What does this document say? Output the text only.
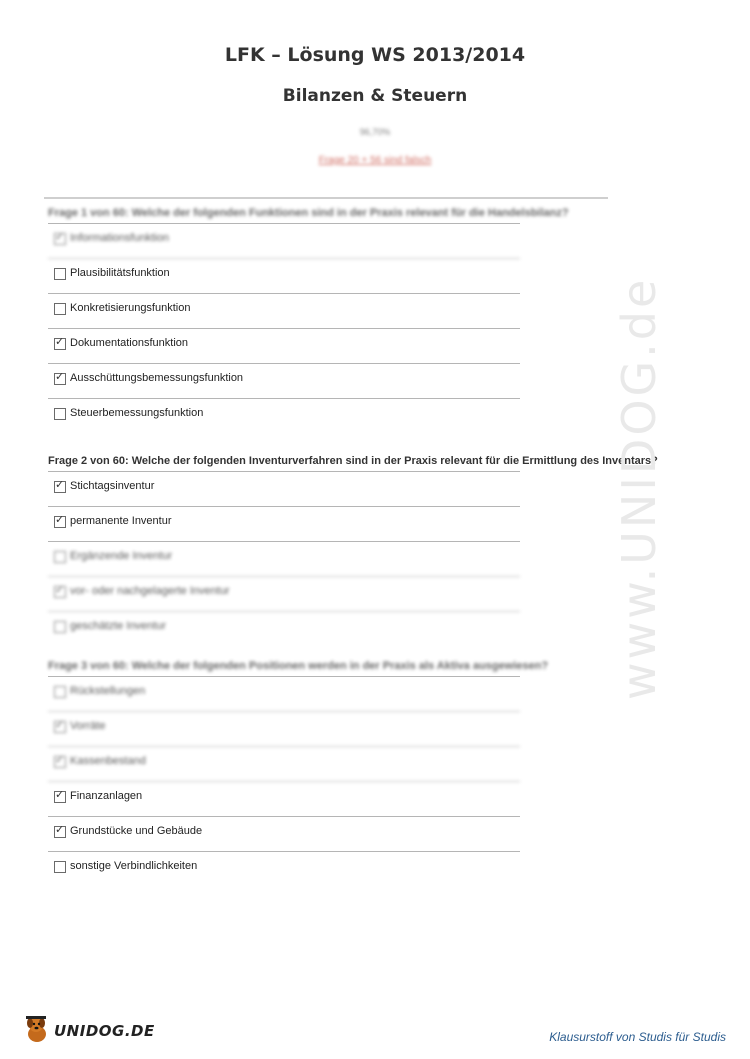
LFK – Lösung WS 2013/2014
Bilanzen & Steuern
96,70%
Frage 20 + 56 sind falsch
Frage 1 von 60: Welche der folgenden Funktionen sind in der Praxis relevant für die Handelsbilanz?
✓ Informationsfunktion
Plausibilitätsfunktion
Konkretisierungsfunktion
✓ Dokumentationsfunktion
✓ Ausschüttungsbemessungsfunktion
Steuerbemessungsfunktion
Frage 2 von 60: Welche der folgenden Inventurverfahren sind in der Praxis relevant für die Ermittlung des Inventars?
✓ Stichtagsinventur
✓ permanente Inventur
Ergänzende Inventur
✓ vor- oder nachgelagerte Inventur
geschätzte Inventur
Frage 3 von 60: Welche der folgenden Positionen werden in der Praxis als Aktiva ausgewiesen?
Rückstellungen
✓ Vorräte
✓ Kassenbestand
✓ Finanzanlagen
✓ Grundstücke und Gebäude
sonstige Verbindlichkeiten
www.UNIDOG.de
UNIDOG.DE	Klausurstoff von Studis für Studis
